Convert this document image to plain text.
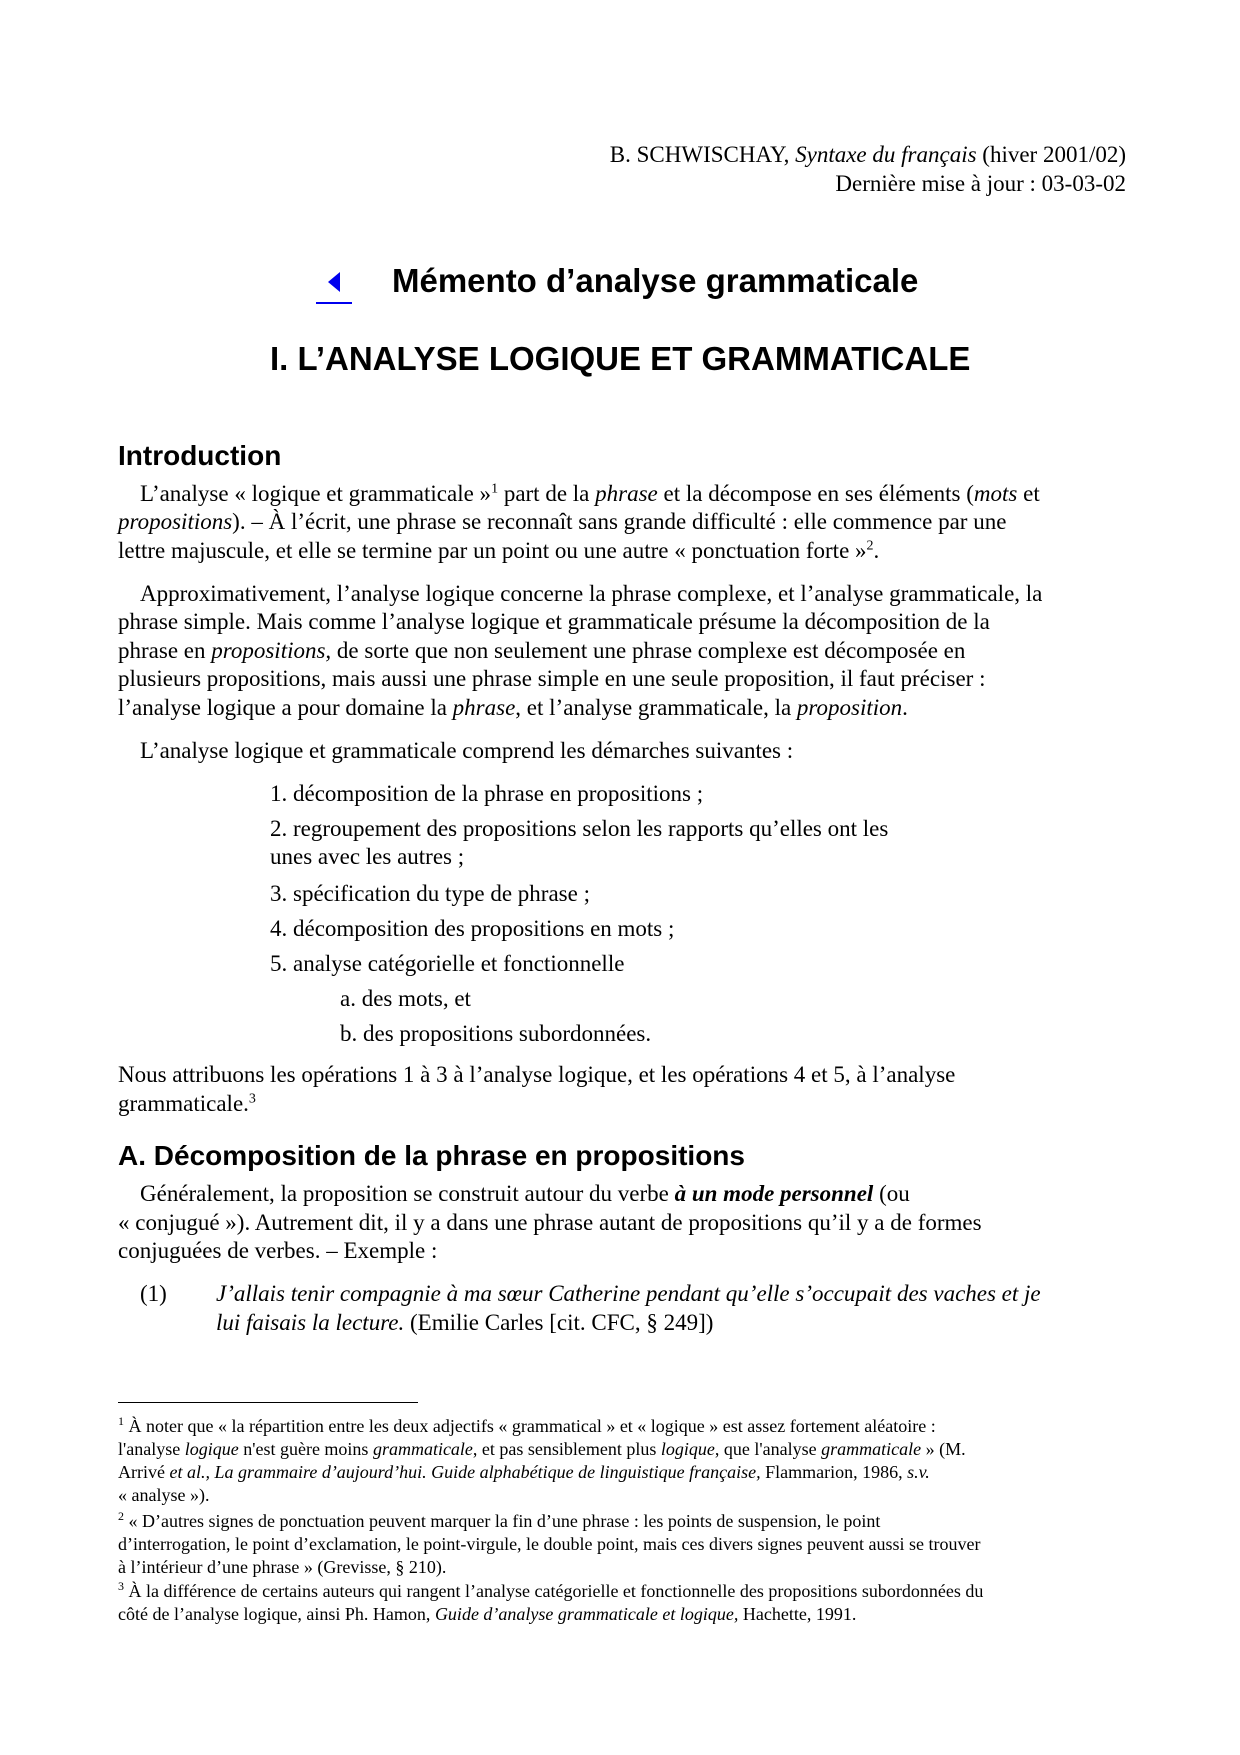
B. SCHWISCHAY, Syntaxe du français (hiver 2001/02)
Dernière mise à jour : 03-03-02
Mémento d’analyse grammaticale
I. L’ANALYSE LOGIQUE ET GRAMMATICALE
Introduction
L’analyse « logique et grammaticale »$^1$ part de la phrase et la décompose en ses éléments (mots et
propositions). – À l’écrit, une phrase se reconnaît sans grande difficulté : elle commence par une
lettre majuscule, et elle se termine par un point ou une autre « ponctuation forte »$^2$.
Approximativement, l’analyse logique concerne la phrase complexe, et l’analyse grammaticale, la
phrase simple. Mais comme l’analyse logique et grammaticale présume la décomposition de la
phrase en propositions, de sorte que non seulement une phrase complexe est décomposée en
plusieurs propositions, mais aussi une phrase simple en une seule proposition, il faut préciser :
l’analyse logique a pour domaine la phrase, et l’analyse grammaticale, la proposition.
L’analyse logique et grammaticale comprend les démarches suivantes :
1. décomposition de la phrase en propositions ;
2. regroupement des propositions selon les rapports qu’elles ont les
unes avec les autres ;
3. spécification du type de phrase ;
4. décomposition des propositions en mots ;
5. analyse catégorielle et fonctionnelle
a. des mots, et
b. des propositions subordonnées.
Nous attribuons les opérations 1 à 3 à l’analyse logique, et les opérations 4 et 5, à l’analyse
grammaticale.$^3$
A. Décomposition de la phrase en propositions
Généralement, la proposition se construit autour du verbe à un mode personnel (ou
« conjugué »). Autrement dit, il y a dans une phrase autant de propositions qu’il y a de formes
conjuguées de verbes. – Exemple :
(1) J’allais tenir compagnie à ma sœur Catherine pendant qu’elle s’occupait des vaches et je
lui faisais la lecture. (Emilie Carles [cit. CFC, § 249])
$^1$ À noter que « la répartition entre les deux adjectifs « grammatical » et « logique » est assez fortement aléatoire :
l'analyse logique n'est guère moins grammaticale, et pas sensiblement plus logique, que l'analyse grammaticale » (M.
Arrivé et al., La grammaire d’aujourd’hui. Guide alphabétique de linguistique française, Flammarion, 1986, s.v.
« analyse »).
$^2$ « D’autres signes de ponctuation peuvent marquer la fin d’une phrase : les points de suspension, le point
d’interrogation, le point d’exclamation, le point-virgule, le double point, mais ces divers signes peuvent aussi se trouver
à l’intérieur d’une phrase » (Grevisse, § 210).
$^3$ À la différence de certains auteurs qui rangent l’analyse catégorielle et fonctionnelle des propositions subordonnées du
côté de l’analyse logique, ainsi Ph. Hamon, Guide d’analyse grammaticale et logique, Hachette, 1991.
